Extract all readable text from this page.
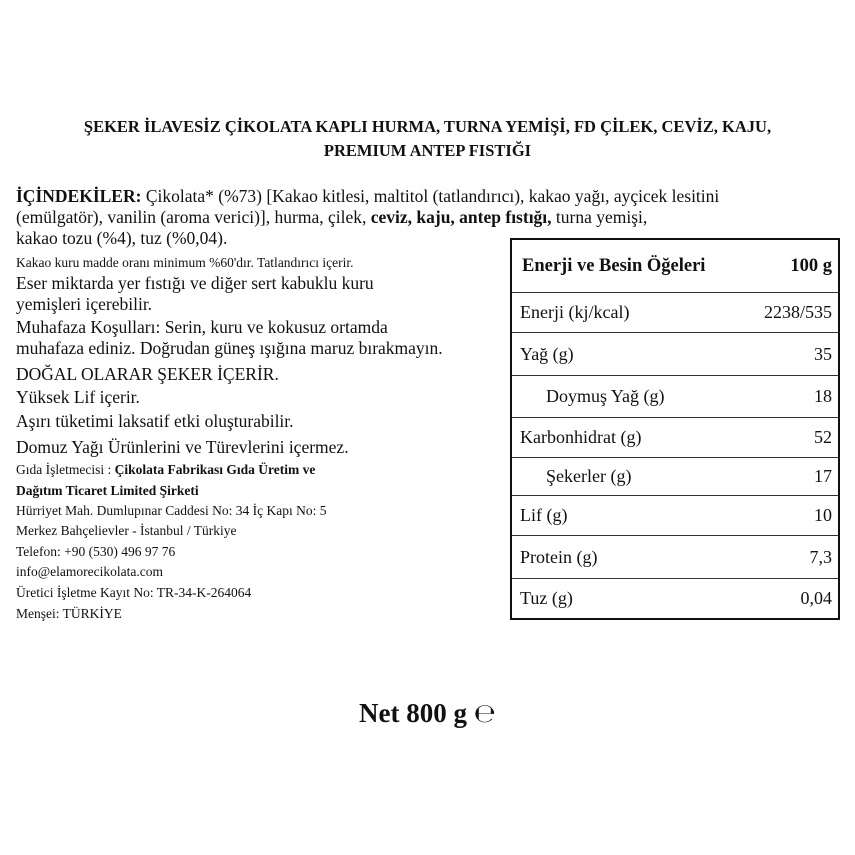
ŞEKER İLAVESİZ ÇİKOLATA KAPLI HURMA, TURNA YEMİŞİ, FD ÇİLEK, CEVİZ, KAJU,
PREMIUM ANTEP FISTIĞI
İÇİNDEKİLER: Çikolata* (%73) [Kakao kitlesi, maltitol (tatlandırıcı), kakao yağı, ayçicek lesitini
(emülgatör), vanilin (aroma verici)], hurma, çilek, ceviz, kaju, antep fıstığı, turna yemişi,
kakao tozu (%4), tuz (%0,04).
Kakao kuru madde oranı minimum %60'dır. Tatlandırıcı içerir.
Eser miktarda yer fıstığı ve diğer sert kabuklu kuru
yemişleri içerebilir.
Muhafaza Koşulları: Serin, kuru ve kokusuz ortamda
muhafaza ediniz. Doğrudan güneş ışığına maruz bırakmayın.
DOĞAL OLARAR ŞEKER İÇERİR.
Yüksek Lif içerir.
Aşırı tüketimi laksatif etki oluşturabilir.
Domuz Yağı Ürünlerini ve Türevlerini içermez.
Gıda İşletmecisi : Çikolata Fabrikası Gıda Üretim ve
Dağıtım Ticaret Limited Şirketi
Hürriyet Mah. Dumlupınar Caddesi No: 34 İç Kapı No: 5
Merkez Bahçelievler - İstanbul / Türkiye
Telefon: +90 (530) 496 97 76
info@elamorecikolata.com
Üretici İşletme Kayıt No: TR-34-K-264064
Menşei: TÜRKİYE
Enerji ve Besin Öğeleri	100 g
Enerji (kj/kcal)	2238/535
Yağ (g)	35
Doymuş Yağ (g)	18
Karbonhidrat (g)	52
Şekerler (g)	17
Lif (g)	10
Protein (g)	7,3
Tuz (g)	0,04
Net 800 g ℮
